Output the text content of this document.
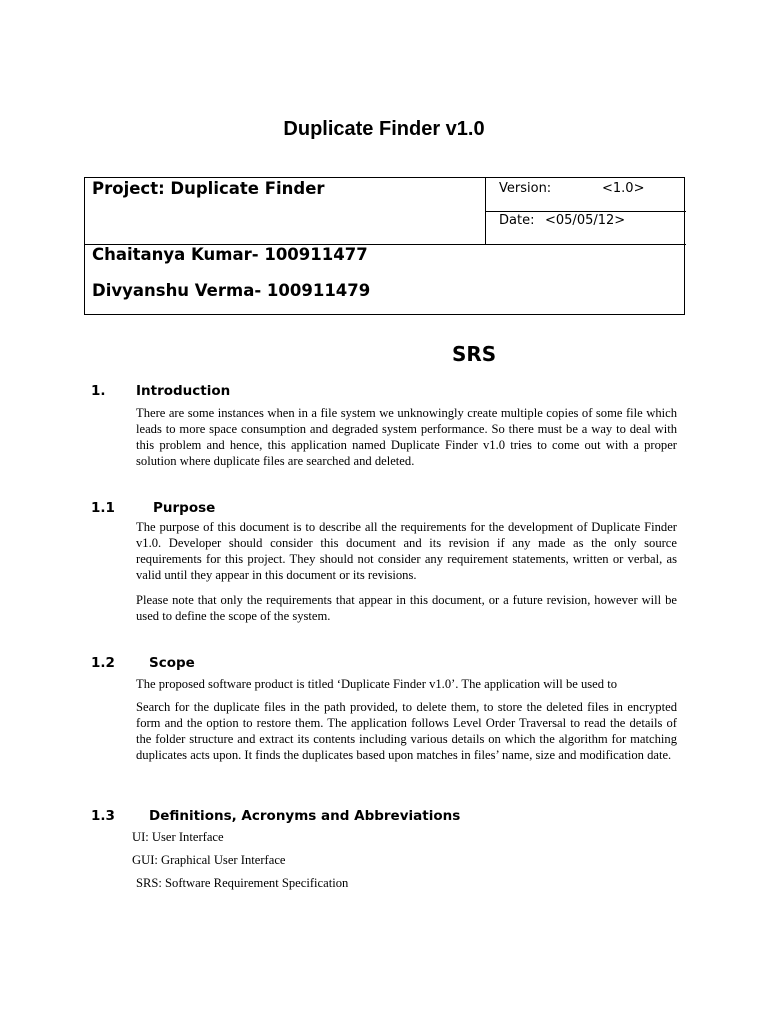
Duplicate Finder v1.0
Project: Duplicate Finder	Version:	<1.0>
Date: <05/05/12>
Chaitanya Kumar- 100911477
Divyanshu Verma- 100911479
SRS
1. Introduction

There are some instances when in a file system we unknowingly create multiple copies of some file which leads to more space consumption and degraded system performance. So there must be a way to deal with this problem and hence, this application named Duplicate Finder v1.0 tries to come out with a proper solution where duplicate files are searched and deleted.

1.1	Purpose

The purpose of this document is to describe all the requirements for the development of Duplicate Finder v1.0. Developer should consider this document and its revision if any made as the only source requirements for this project. They should not consider any requirement statements, written or verbal, as valid until they appear in this document or its revisions.

Please note that only the requirements that appear in this document, or a future revision, however will be used to define the scope of the system.

1.2	Scope

The proposed software product is titled ‘Duplicate Finder v1.0’. The application will be used to

Search for the duplicate files in the path provided, to delete them, to store the deleted files in encrypted form and the option to restore them. The application follows Level Order Traversal to read the details of the folder structure and extract its contents including various details on which the algorithm for matching duplicates acts upon. It finds the duplicates based upon matches in files’ name, size and modification date.

1.3	Definitions, Acronyms and Abbreviations
UI: User Interface
GUI: Graphical User Interface
SRS: Software Requirement Specification
